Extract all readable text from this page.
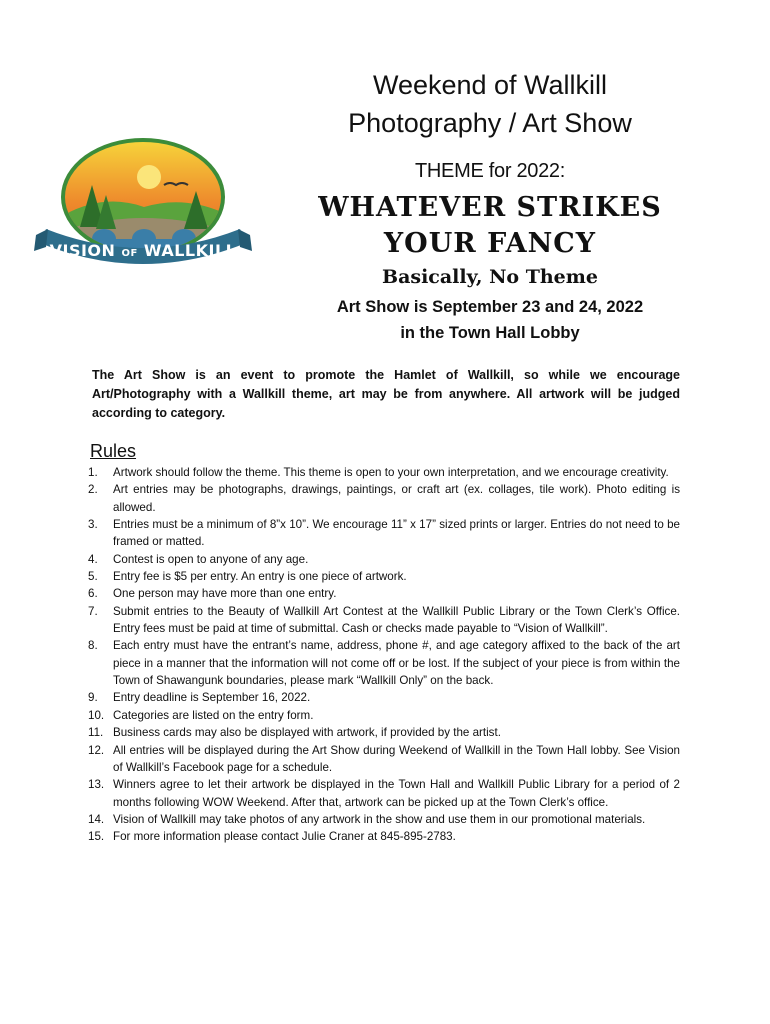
VISION OF WALLKILL
Weekend of Wallkill
Photography / Art Show
THEME for 2022:
WHATEVER STRIKES
YOUR FANCY
Basically, No Theme
Art Show is September 23 and 24, 2022
in the Town Hall Lobby
The Art Show is an event to promote the Hamlet of Wallkill, so while we encourage Art/Photography with a Wallkill theme, art may be from anywhere. All artwork will be judged according to category.
Rules
1.	Artwork should follow the theme. This theme is open to your own interpretation, and we encourage creativity.
2.	Art entries may be photographs, drawings, paintings, or craft art (ex. collages, tile work). Photo editing is allowed.
3.	Entries must be a minimum of 8”x 10”. We encourage 11” x 17” sized prints or larger. Entries do not need to be framed or matted.
4.	Contest is open to anyone of any age.
5.	Entry fee is $5 per entry. An entry is one piece of artwork.
6.	One person may have more than one entry.
7.	Submit entries to the Beauty of Wallkill Art Contest at the Wallkill Public Library or the Town Clerk’s Office. Entry fees must be paid at time of submittal. Cash or checks made payable to “Vision of Wallkill”.
8.	Each entry must have the entrant’s name, address, phone #, and age category affixed to the back of the art piece in a manner that the information will not come off or be lost. If the subject of your piece is from within the Town of Shawangunk boundaries, please mark “Wallkill Only” on the back.
9.	Entry deadline is September 16, 2022.
10. Categories are listed on the entry form.
11. Business cards may also be displayed with artwork, if provided by the artist.
12. All entries will be displayed during the Art Show during Weekend of Wallkill in the Town Hall lobby. See Vision of Wallkill’s Facebook page for a schedule.
13. Winners agree to let their artwork be displayed in the Town Hall and Wallkill Public Library for a period of 2 months following WOW Weekend. After that, artwork can be picked up at the Town Clerk’s office.
14. Vision of Wallkill may take photos of any artwork in the show and use them in our promotional materials.
15. For more information please contact Julie Craner at 845-895-2783.
